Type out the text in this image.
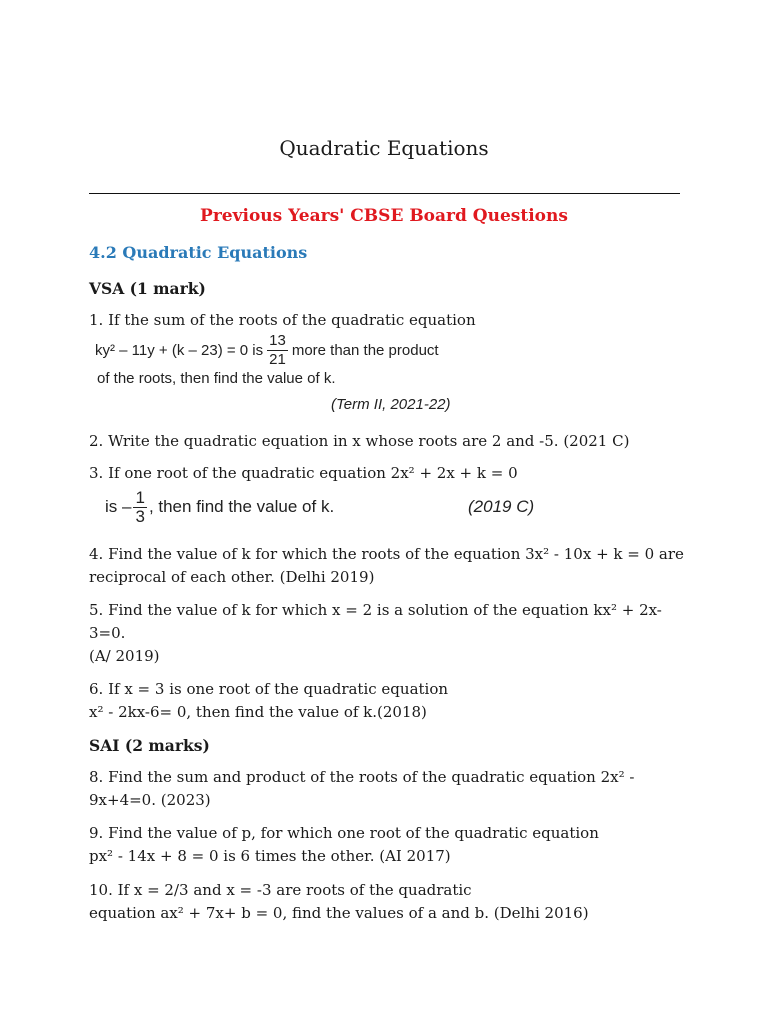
Quadratic Equations
Previous Years' CBSE Board Questions
4.2 Quadratic Equations
VSA (1 mark)
1. If the sum of the roots of the quadratic equation
ky² – 11y + (k – 23) = 0 is $\frac{13}{21}$ more than the product
of the roots, then find the value of k.
(Term II, 2021-22)
2. Write the quadratic equation in x whose roots are 2 and -5. (2021 C)
3. If one root of the quadratic equation 2x² + 2x + k = 0
is – $\frac{1}{3}$ , then find the value of k.	(2019 C)
4. Find the value of k for which the roots of the equation 3x² - 10x + k = 0 are
reciprocal of each other. (Delhi 2019)
5. Find the value of k for which x = 2 is a solution of the equation kx² + 2x-
3=0.
(A/ 2019)
6. If x = 3 is one root of the quadratic equation
x² - 2kx-6= 0, then find the value of k.(2018)
SAI (2 marks)
8. Find the sum and product of the roots of the quadratic equation 2x² -
9x+4=0. (2023)
9. Find the value of p, for which one root of the quadratic equation
px² - 14x + 8 = 0 is 6 times the other. (AI 2017)
10. If x = 2/3 and x = -3 are roots of the quadratic
equation ax² + 7x+ b = 0, find the values of a and b. (Delhi 2016)
